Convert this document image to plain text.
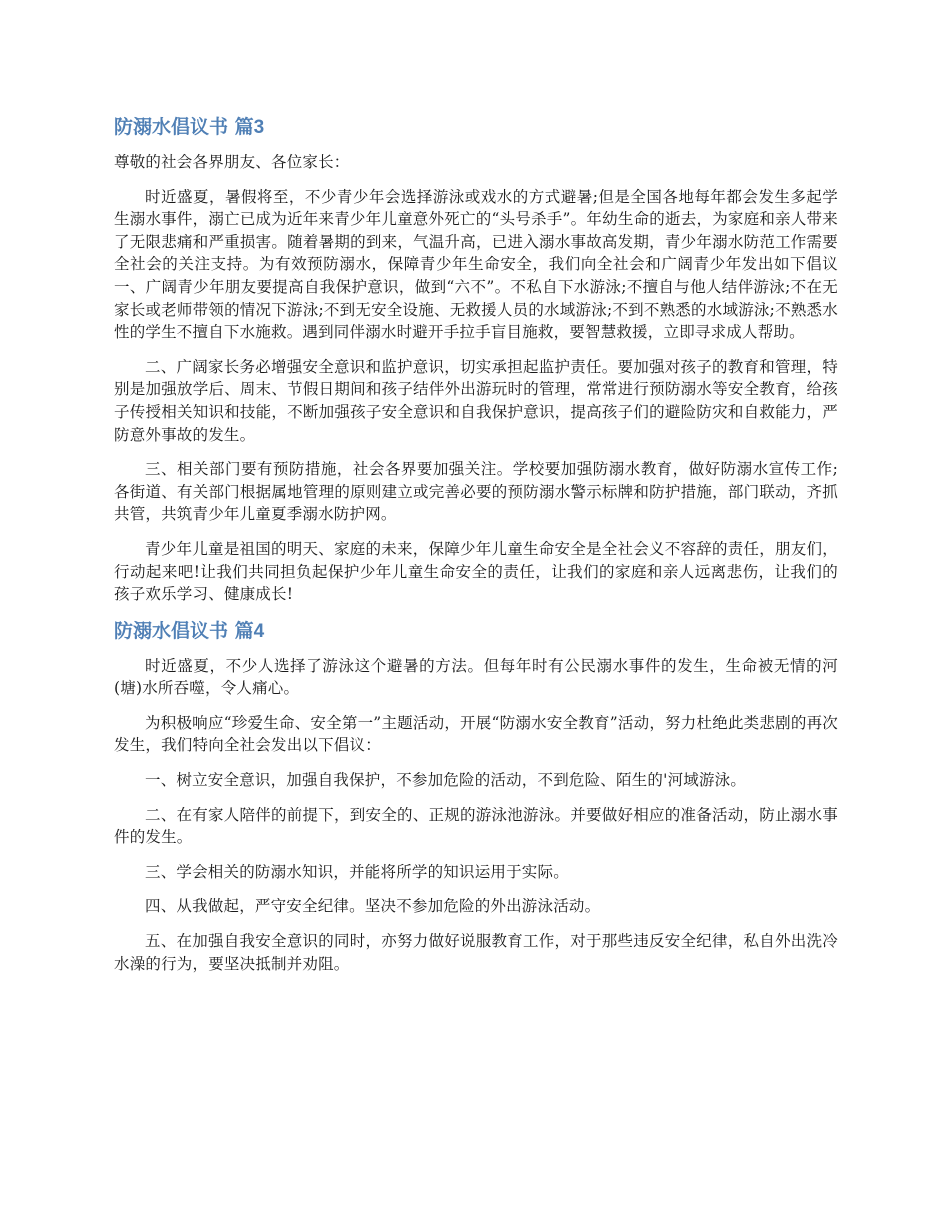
防溺水倡议书 篇3

尊敬的社会各界朋友、各位家长：

时近盛夏，暑假将至，不少青少年会选择游泳或戏水的方式避暑;但是全国各地每年都会发生多起学生溺水事件，溺亡已成为近年来青少年儿童意外死亡的“头号杀手”。年幼生命的逝去，为家庭和亲人带来了无限悲痛和严重损害。随着暑期的到来，气温升高，已进入溺水事故高发期，青少年溺水防范工作需要全社会的关注支持。为有效预防溺水，保障青少年生命安全，我们向全社会和广阔青少年发出如下倡议 一、广阔青少年朋友要提高自我保护意识，做到“六不”。不私自下水游泳;不擅自与他人结伴游泳;不在无家长或老师带领的情况下游泳;不到无安全设施、无救援人员的水域游泳;不到不熟悉的水域游泳;不熟悉水性的学生不擅自下水施救。遇到同伴溺水时避开手拉手盲目施救，要智慧救援，立即寻求成人帮助。

二、广阔家长务必增强安全意识和监护意识，切实承担起监护责任。要加强对孩子的教育和管理，特别是加强放学后、周末、节假日期间和孩子结伴外出游玩时的管理，常常进行预防溺水等安全教育，给孩子传授相关知识和技能，不断加强孩子安全意识和自我保护意识，提高孩子们的避险防灾和自救能力，严防意外事故的发生。

三、相关部门要有预防措施，社会各界要加强关注。学校要加强防溺水教育，做好防溺水宣传工作;各街道、有关部门根据属地管理的原则建立或完善必要的预防溺水警示标牌和防护措施，部门联动，齐抓共管，共筑青少年儿童夏季溺水防护网。

青少年儿童是祖国的明天、家庭的未来，保障少年儿童生命安全是全社会义不容辞的责任，朋友们，行动起来吧!让我们共同担负起保护少年儿童生命安全的责任，让我们的家庭和亲人远离悲伤，让我们的孩子欢乐学习、健康成长!

防溺水倡议书 篇4

时近盛夏，不少人选择了游泳这个避暑的方法。但每年时有公民溺水事件的发生，生命被无情的河(塘)水所吞噬，令人痛心。

为积极响应“珍爱生命、安全第一”主题活动，开展“防溺水安全教育”活动，努力杜绝此类悲剧的再次发生，我们特向全社会发出以下倡议：

一、树立安全意识，加强自我保护，不参加危险的活动，不到危险、陌生的'河域游泳。

二、在有家人陪伴的前提下，到安全的、正规的游泳池游泳。并要做好相应的准备活动，防止溺水事件的发生。

三、学会相关的防溺水知识，并能将所学的知识运用于实际。

四、从我做起，严守安全纪律。坚决不参加危险的外出游泳活动。

五、在加强自我安全意识的同时，亦努力做好说服教育工作，对于那些违反安全纪律，私自外出洗冷水澡的行为，要坚决抵制并劝阻。
